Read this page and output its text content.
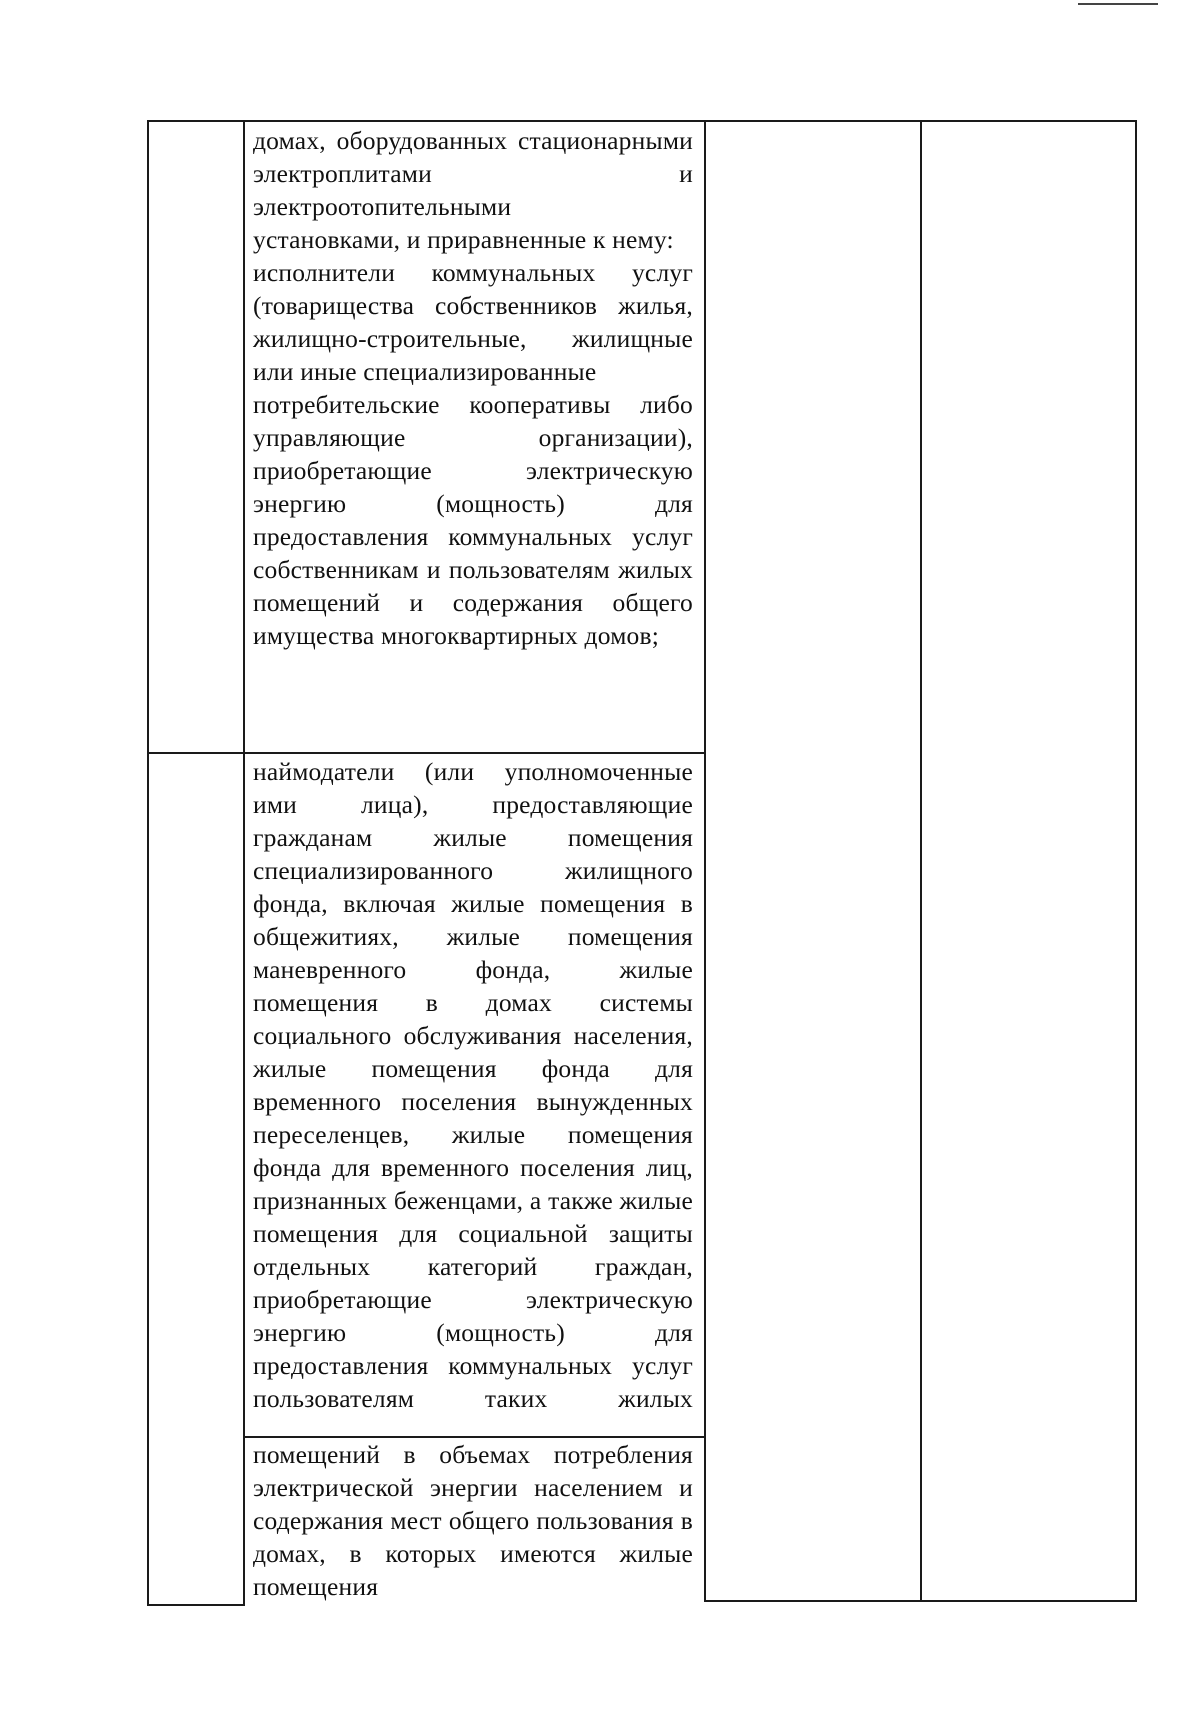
домах, оборудованных стационарными электроплитами и электроотопительными

установками, и приравненные к нему:

исполнители коммунальных услуг (товарищества собственников жилья, жилищно-строительные, жилищные или иные специализированные

потребительские кооперативы либо управляющие организации), приобретающие электрическую энергию (мощность) для предоставления коммунальных услуг собственникам и пользователям жилых помещений и содержания общего имущества многоквартирных домов;

наймодатели (или уполномоченные ими лица), предоставляющие гражданам жилые помещения специализированного жилищного фонда, включая жилые помещения в общежитиях, жилые помещения маневренного фонда, жилые помещения в домах системы социального обслуживания населения, жилые помещения фонда для временного поселения вынужденных переселенцев, жилые помещения фонда для временного поселения лиц, признанных беженцами, а также жилые помещения для социальной защиты отдельных категорий граждан, приобретающие электрическую энергию (мощность) для предоставления коммунальных услуг пользователям таких жилых

помещений в объемах потребления электрической энергии населением и содержания мест общего пользования в домах, в которых имеются жилые помещения
